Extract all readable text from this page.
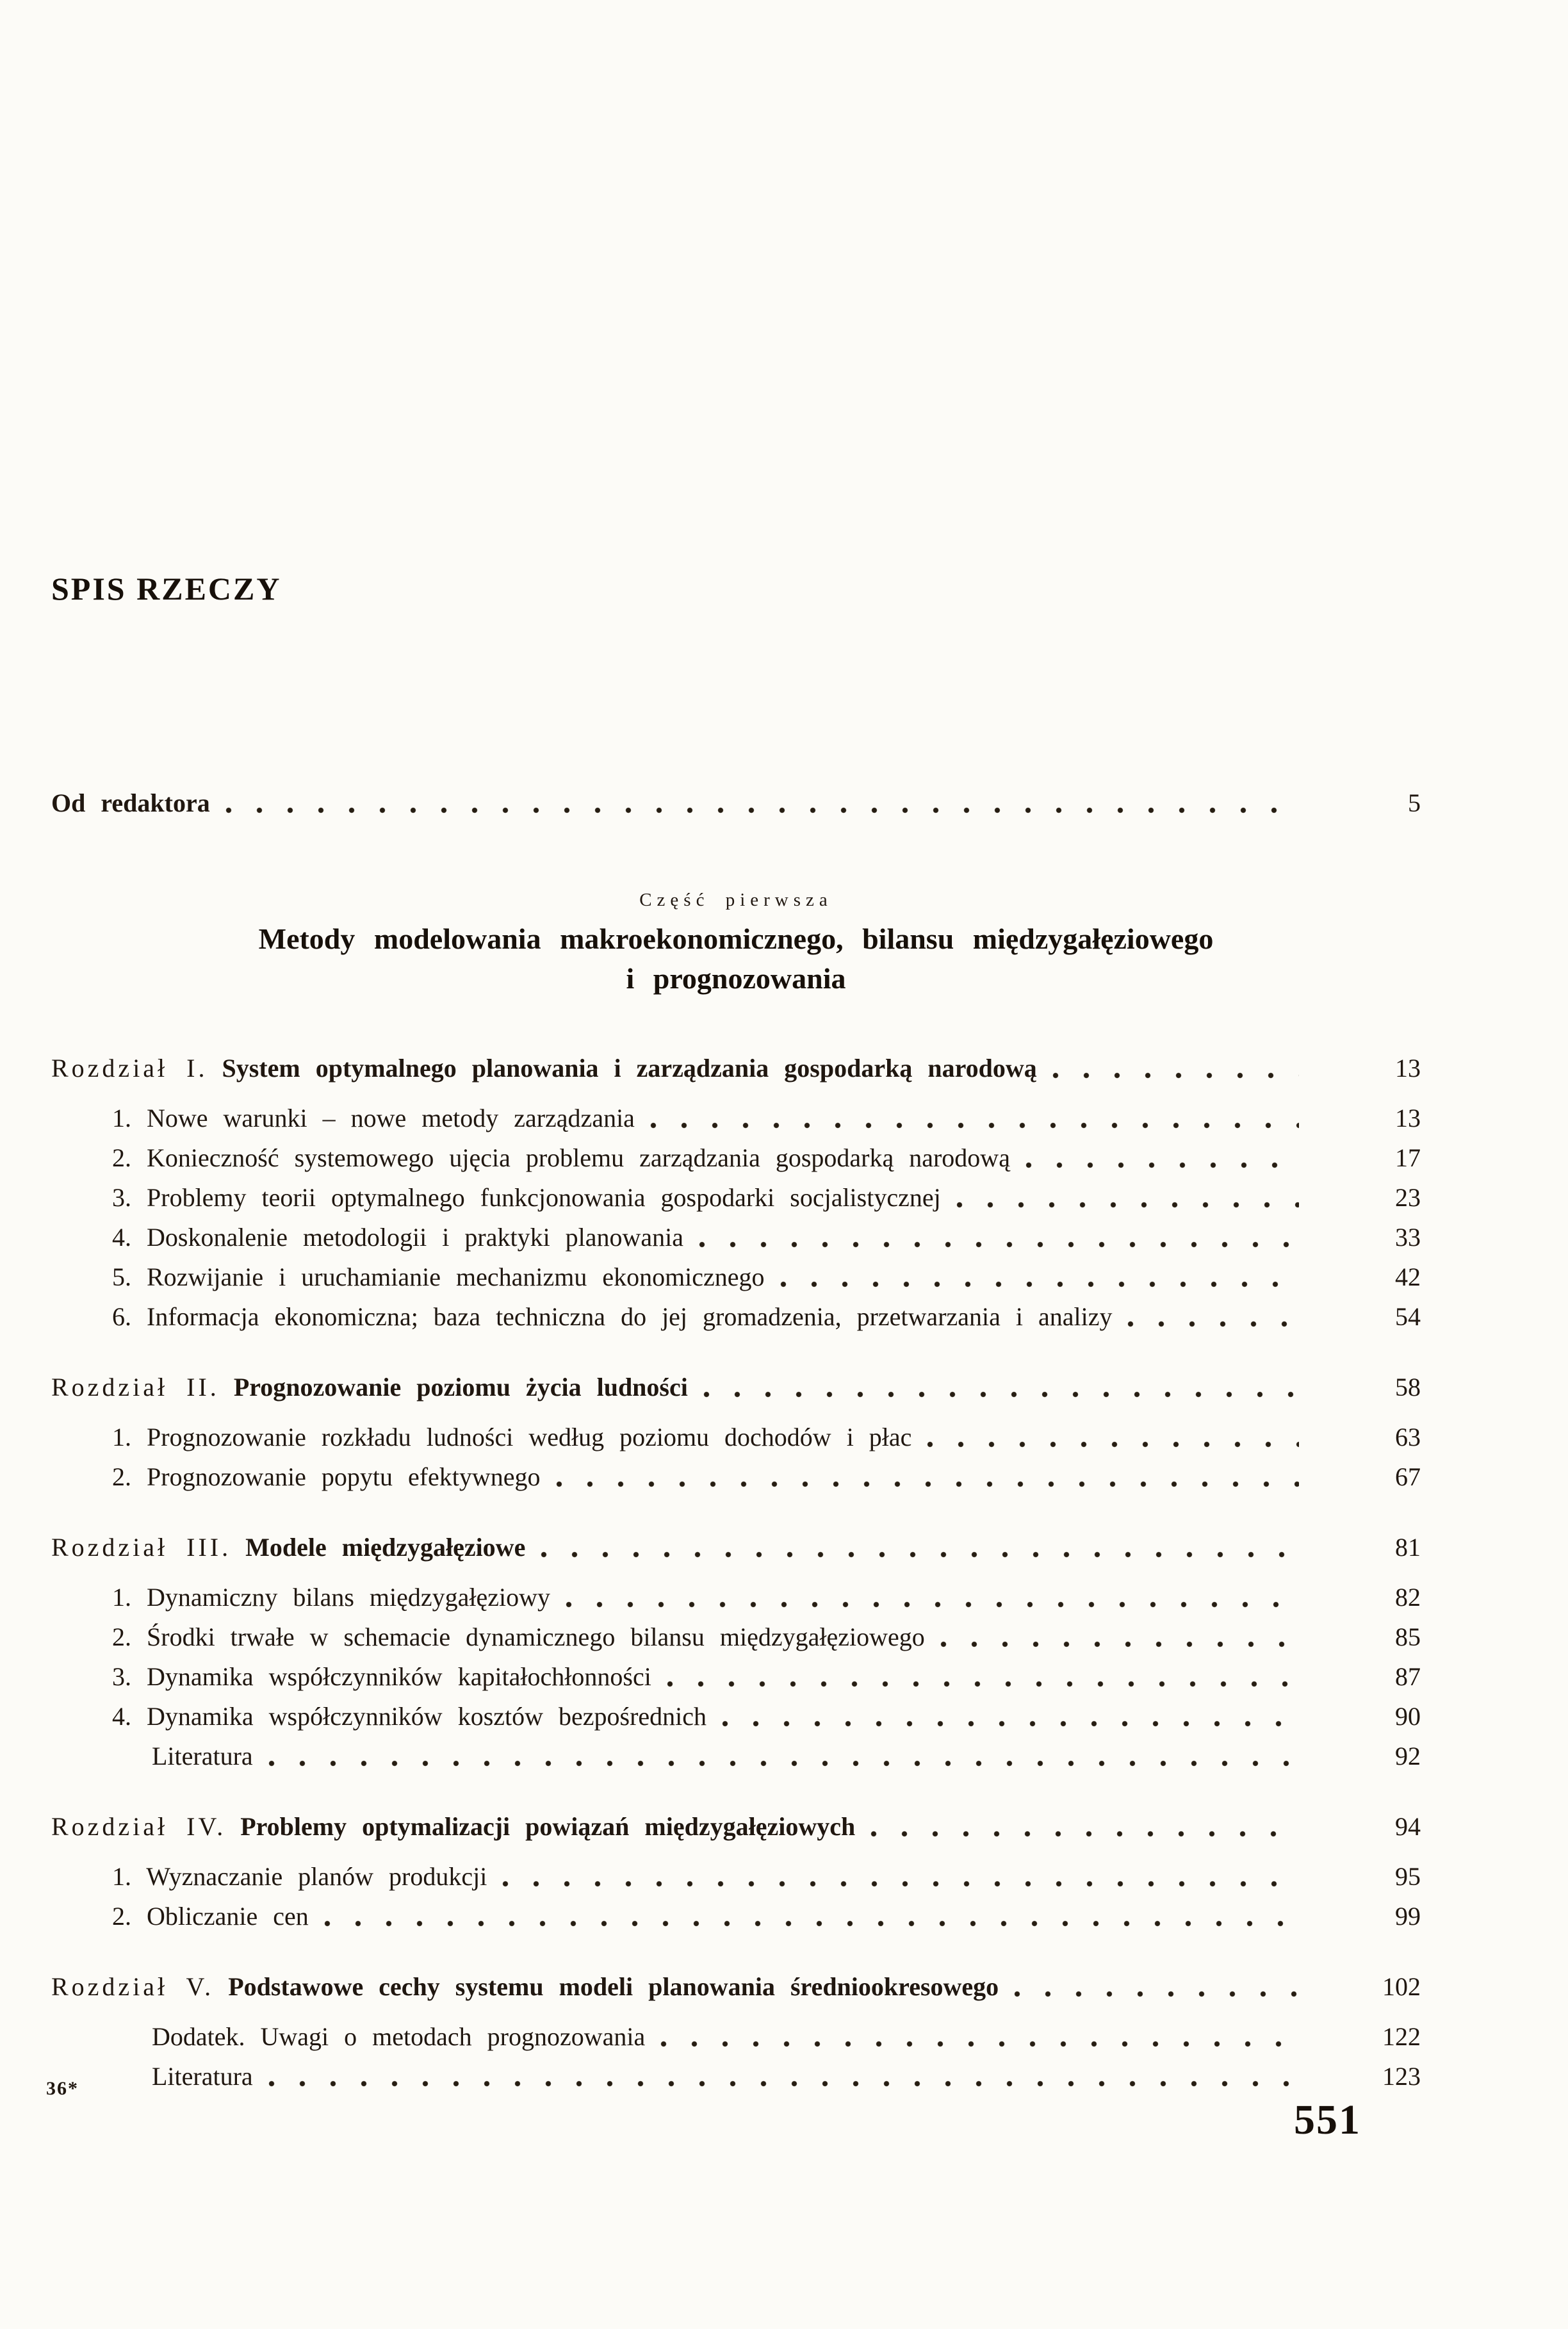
SPIS RZECZY
Od redaktora	5
Część pierwsza
Metody modelowania makroekonomicznego, bilansu międzygałęziowego
i prognozowania
Rozdział I. System optymalnego planowania i zarządzania gospodarką narodową	13
1. Nowe warunki – nowe metody zarządzania	13
2. Konieczność systemowego ujęcia problemu zarządzania gospodarką narodową	17
3. Problemy teorii optymalnego funkcjonowania gospodarki socjalistycznej	23
4. Doskonalenie metodologii i praktyki planowania	33
5. Rozwijanie i uruchamianie mechanizmu ekonomicznego	42
6. Informacja ekonomiczna; baza techniczna do jej gromadzenia, przetwarzania i analizy	54
Rozdział II. Prognozowanie poziomu życia ludności	58
1. Prognozowanie rozkładu ludności według poziomu dochodów i płac	63
2. Prognozowanie popytu efektywnego	67
Rozdział III. Modele międzygałęziowe	81
1. Dynamiczny bilans międzygałęziowy	82
2. Środki trwałe w schemacie dynamicznego bilansu międzygałęziowego	85
3. Dynamika współczynników kapitałochłonności	87
4. Dynamika współczynników kosztów bezpośrednich	90
Literatura	92
Rozdział IV. Problemy optymalizacji powiązań międzygałęziowych	94
1. Wyznaczanie planów produkcji	95
2. Obliczanie cen	99
Rozdział V. Podstawowe cechy systemu modeli planowania średniookresowego	102
Dodatek. Uwagi o metodach prognozowania	122
Literatura	123
36*
551
